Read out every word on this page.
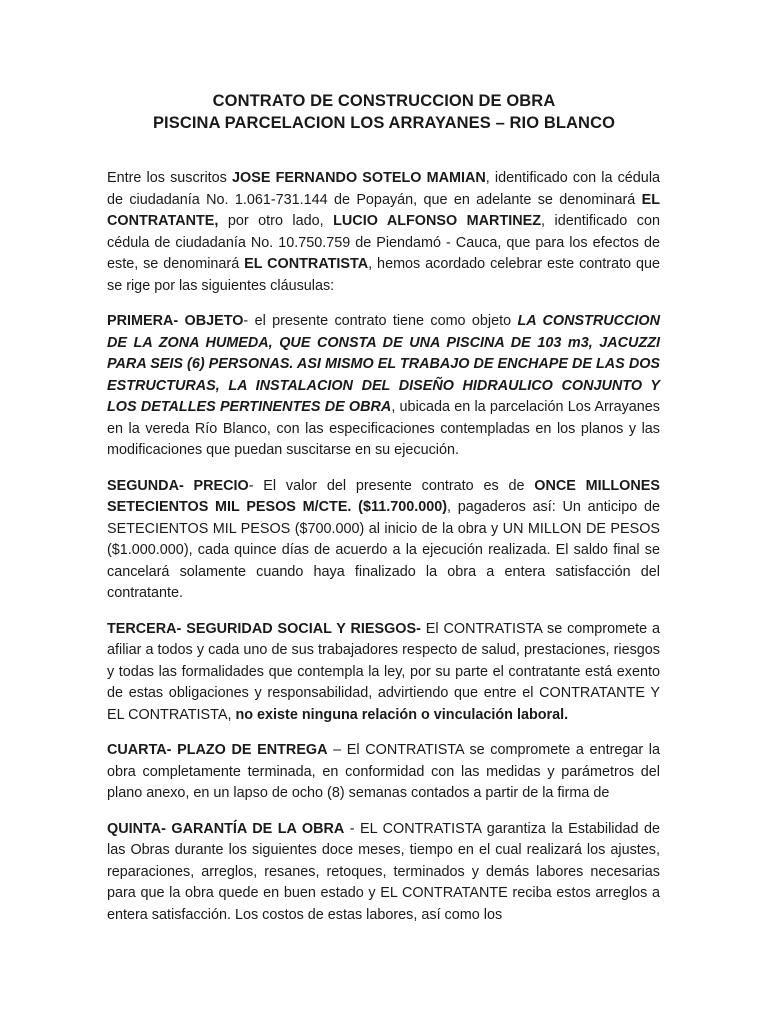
CONTRATO DE CONSTRUCCION DE OBRA
PISCINA PARCELACION LOS ARRAYANES – RIO BLANCO

Entre los suscritos JOSE FERNANDO SOTELO MAMIAN, identificado con la cédula de ciudadanía No. 1.061-731.144 de Popayán, que en adelante se denominará EL CONTRATANTE, por otro lado, LUCIO ALFONSO MARTINEZ, identificado con cédula de ciudadanía No. 10.750.759 de Piendamó - Cauca, que para los efectos de este, se denominará EL CONTRATISTA, hemos acordado celebrar este contrato que se rige por las siguientes cláusulas:

PRIMERA- OBJETO- el presente contrato tiene como objeto LA CONSTRUCCION DE LA ZONA HUMEDA, QUE CONSTA DE UNA PISCINA DE 103 m3, JACUZZI PARA SEIS (6) PERSONAS. ASI MISMO EL TRABAJO DE ENCHAPE DE LAS DOS ESTRUCTURAS, LA INSTALACION DEL DISEÑO HIDRAULICO CONJUNTO Y LOS DETALLES PERTINENTES DE OBRA, ubicada en la parcelación Los Arrayanes en la vereda Río Blanco, con las especificaciones contempladas en los planos y las modificaciones que puedan suscitarse en su ejecución.

SEGUNDA- PRECIO- El valor del presente contrato es de ONCE MILLONES SETECIENTOS MIL PESOS M/CTE. ($11.700.000), pagaderos así: Un anticipo de SETECIENTOS MIL PESOS ($700.000) al inicio de la obra y UN MILLON DE PESOS ($1.000.000), cada quince días de acuerdo a la ejecución realizada. El saldo final se cancelará solamente cuando haya finalizado la obra a entera satisfacción del contratante.

TERCERA- SEGURIDAD SOCIAL Y RIESGOS- El CONTRATISTA se compromete a afiliar a todos y cada uno de sus trabajadores respecto de salud, prestaciones, riesgos y todas las formalidades que contempla la ley, por su parte el contratante está exento de estas obligaciones y responsabilidad, advirtiendo que entre el CONTRATANTE Y EL CONTRATISTA, no existe ninguna relación o vinculación laboral.

CUARTA- PLAZO DE ENTREGA – El CONTRATISTA se compromete a entregar la obra completamente terminada, en conformidad con las medidas y parámetros del plano anexo, en un lapso de ocho (8) semanas contados a partir de la firma de

QUINTA- GARANTÍA DE LA OBRA - EL CONTRATISTA garantiza la Estabilidad de las Obras durante los siguientes doce meses, tiempo en el cual realizará los ajustes, reparaciones, arreglos, resanes, retoques, terminados y demás labores necesarias para que la obra quede en buen estado y EL CONTRATANTE reciba estos arreglos a entera satisfacción. Los costos de estas labores, así como los
